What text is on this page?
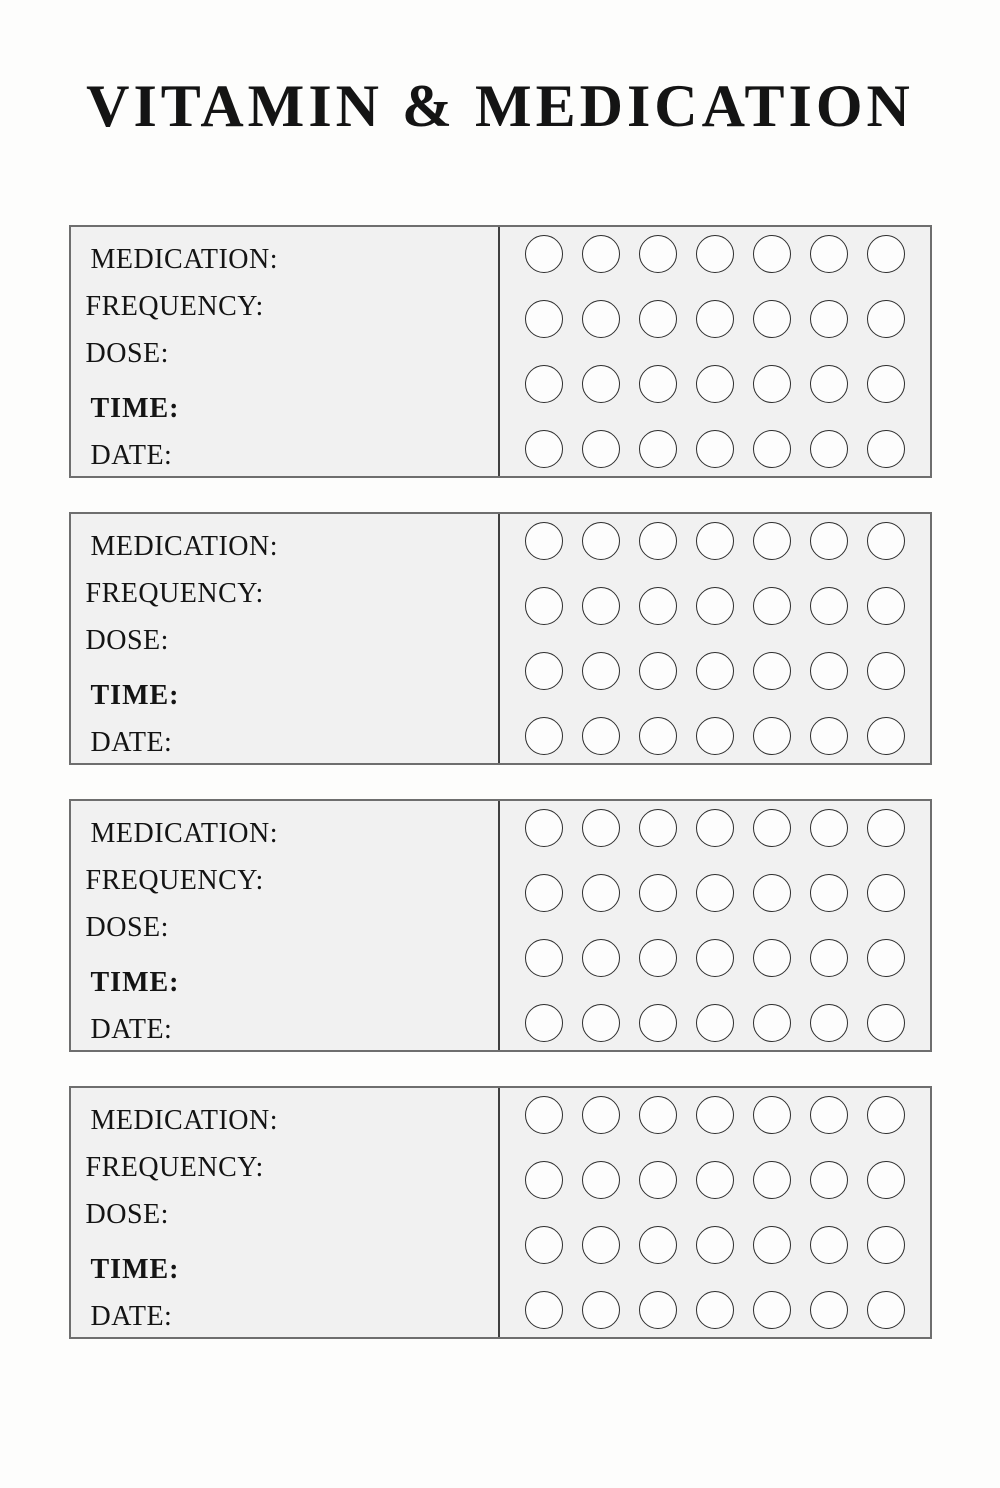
VITAMIN & MEDICATION
MEDICATION:
FREQUENCY:
DOSE:
TIME:
DATE:
MEDICATION:
FREQUENCY:
DOSE:
TIME:
DATE:
MEDICATION:
FREQUENCY:
DOSE:
TIME:
DATE:
MEDICATION:
FREQUENCY:
DOSE:
TIME:
DATE:
